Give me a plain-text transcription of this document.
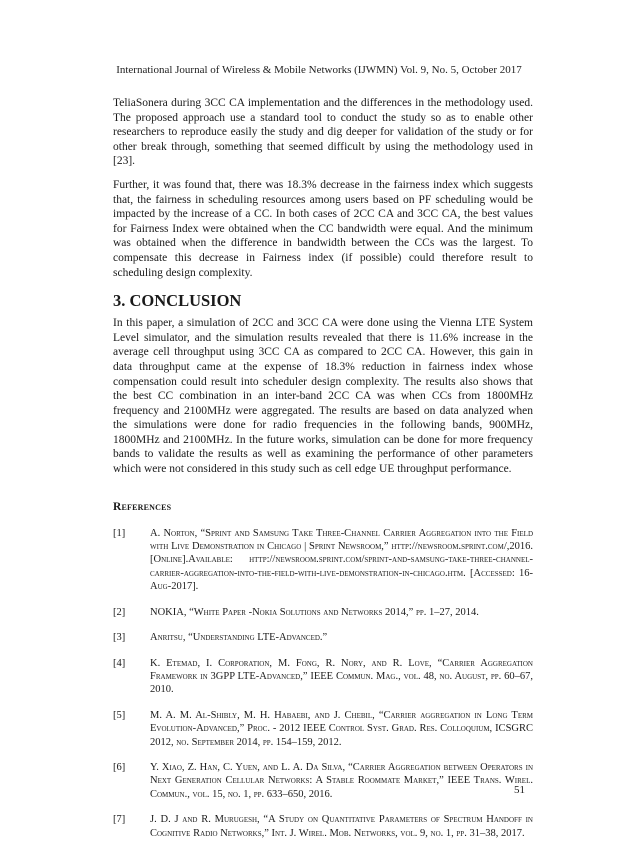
International Journal of Wireless & Mobile Networks (IJWMN) Vol. 9, No. 5, October 2017

TeliaSonera during 3CC CA implementation and the differences in the methodology used. The proposed approach use a standard tool to conduct the study so as to enable other researchers to reproduce easily the study and dig deeper for validation of the study or for other break through, something that seemed difficult by using the methodology used in [23].

Further, it was found that, there was 18.3% decrease in the fairness index which suggests that, the fairness in scheduling resources among users based on PF scheduling would be impacted by the increase of a CC. In both cases of 2CC CA and 3CC CA, the best values for Fairness Index were obtained when the CC bandwidth were equal. And the minimum was obtained when the difference in bandwidth between the CCs was the largest. To compensate this decrease in Fairness index (if possible) could therefore result to scheduling design complexity.

3. CONCLUSION

In this paper, a simulation of 2CC and 3CC CA were done using the Vienna LTE System Level simulator, and the simulation results revealed that there is 11.6% increase in the average cell throughput using 3CC CA as compared to 2CC CA. However, this gain in data throughput came at the expense of 18.3% reduction in fairness index whose compensation could result into scheduler design complexity. The results also shows that the best CC combination in an inter-band 2CC CA was when CCs from 1800MHz frequency and 2100MHz were aggregated. The results are based on data analyzed when the simulations were done for radio frequencies in the following bands, 900MHz, 1800MHz and 2100MHz. In the future works, simulation can be done for more frequency bands to validate the results as well as examining the performance of other parameters which were not considered in this study such as cell edge UE throughput performance.

References
[1]	A. Norton, “Sprint and Samsung Take Three-Channel Carrier Aggregation into the Field with Live Demonstration in Chicago | Sprint Newsroom,” http://newsroom.sprint.com/,2016.[Online].Available: http://newsroom.sprint.com/sprint-and-samsung-take-three-channel-carrier-aggregation-into-the-field-with-live-demonstration-in-chicago.htm. [Accessed: 16-Aug-2017].
[2]	NOKIA, “White Paper -Nokia Solutions and Networks 2014,” pp. 1–27, 2014.
[3]	Anritsu, “Understanding LTE-Advanced.”
[4]	K. Etemad, I. Corporation, M. Fong, R. Nory, and R. Love, “Carrier Aggregation Framework in 3GPP LTE-Advanced,” IEEE Commun. Mag., vol. 48, no. August, pp. 60–67, 2010.
[5]	M. A. M. Al-Shibly, M. H. Habaebi, and J. Chebil, “Carrier aggregation in Long Term Evolution-Advanced,” Proc. - 2012 IEEE Control Syst. Grad. Res. Colloquium, ICSGRC 2012, no. September 2014, pp. 154–159, 2012.
[6]	Y. Xiao, Z. Han, C. Yuen, and L. A. Da Silva, “Carrier Aggregation between Operators in Next Generation Cellular Networks: A Stable Roommate Market,” IEEE Trans. Wirel. Commun., vol. 15, no. 1, pp. 633–650, 2016.
[7]	J. D. J and R. Murugesh, “A Study on Quantitative Parameters of Spectrum Handoff in Cognitive Radio Networks,” Int. J. Wirel. Mob. Networks, vol. 9, no. 1, pp. 31–38, 2017.
51
